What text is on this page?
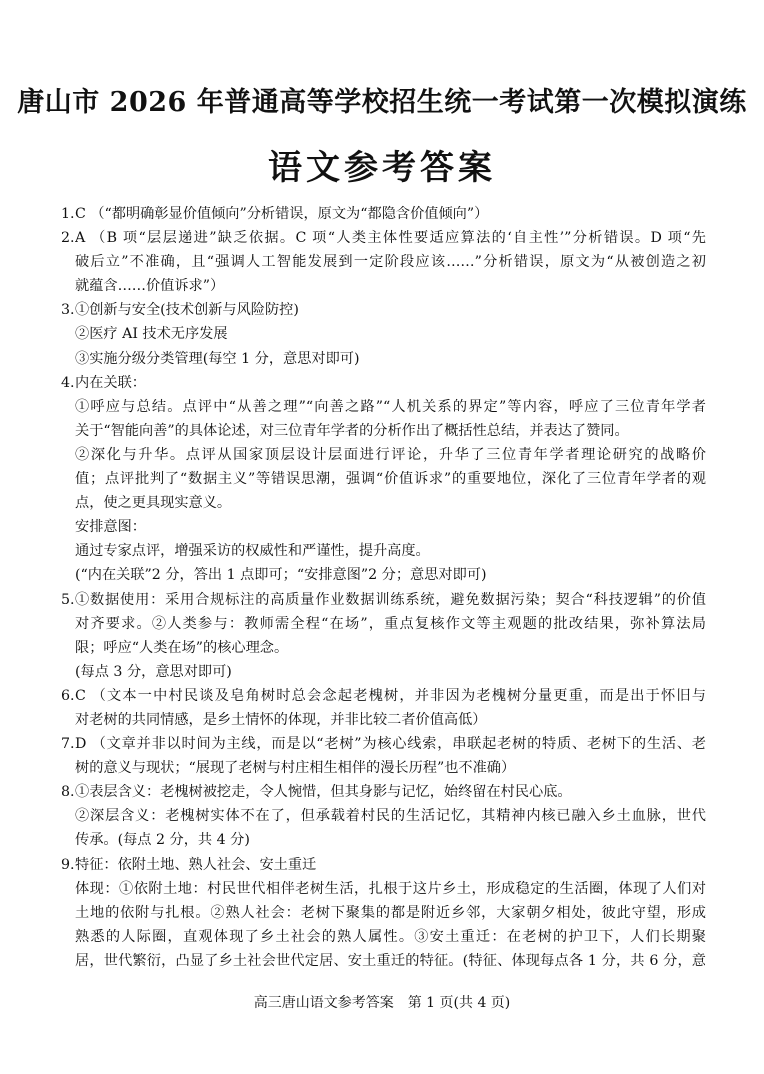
唐山市 2026 年普通高等学校招生统一考试第一次模拟演练
语文参考答案
1. C （“都明确彰显价值倾向”分析错误，原文为“都隐含价值倾向”）
2. A （B 项“层层递进”缺乏依据。C 项“人类主体性要适应算法的‘自主性’”分析错误。D 项“先
破后立”不准确，且“强调人工智能发展到一定阶段应该……”分析错误，原文为“从被创造之初
就蕴含……价值诉求”）
3. ①创新与安全(技术创新与风险防控)
②医疗 AI 技术无序发展
③实施分级分类管理(每空 1 分，意思对即可)
4. 内在关联：
①呼应与总结。点评中“从善之理”“向善之路”“人机关系的界定”等内容，呼应了三位青年学者
关于“智能向善”的具体论述，对三位青年学者的分析作出了概括性总结，并表达了赞同。
②深化与升华。点评从国家顶层设计层面进行评论，升华了三位青年学者理论研究的战略价
值；点评批判了“数据主义”等错误思潮，强调“价值诉求”的重要地位，深化了三位青年学者的观
点，使之更具现实意义。
安排意图：
通过专家点评，增强采访的权威性和严谨性，提升高度。
(“内在关联”2 分，答出 1 点即可；“安排意图”2 分；意思对即可)
5. ①数据使用：采用合规标注的高质量作业数据训练系统，避免数据污染；契合“科技逻辑”的价值
对齐要求。②人类参与：教师需全程“在场”，重点复核作文等主观题的批改结果，弥补算法局
限；呼应“人类在场”的核心理念。
(每点 3 分，意思对即可)
6. C （文本一中村民谈及皂角树时总会念起老槐树，并非因为老槐树分量更重，而是出于怀旧与
对老树的共同情感，是乡土情怀的体现，并非比较二者价值高低）
7. D （文章并非以时间为主线，而是以“老树”为核心线索，串联起老树的特质、老树下的生活、老
树的意义与现状；“展现了老树与村庄相生相伴的漫长历程”也不准确）
8. ①表层含义：老槐树被挖走，令人惋惜，但其身影与记忆，始终留在村民心底。
②深层含义：老槐树实体不在了，但承载着村民的生活记忆，其精神内核已融入乡土血脉，世代
传承。(每点 2 分，共 4 分)
9. 特征：依附土地、熟人社会、安土重迁
体现：①依附土地：村民世代相伴老树生活，扎根于这片乡土，形成稳定的生活圈，体现了人们对
土地的依附与扎根。②熟人社会：老树下聚集的都是附近乡邻，大家朝夕相处，彼此守望，形成
熟悉的人际圈，直观体现了乡土社会的熟人属性。③安土重迁：在老树的护卫下，人们长期聚
居，世代繁衍，凸显了乡土社会世代定居、安土重迁的特征。(特征、体现每点各 1 分，共 6 分，意
高三唐山语文参考答案　第 1 页(共 4 页)
